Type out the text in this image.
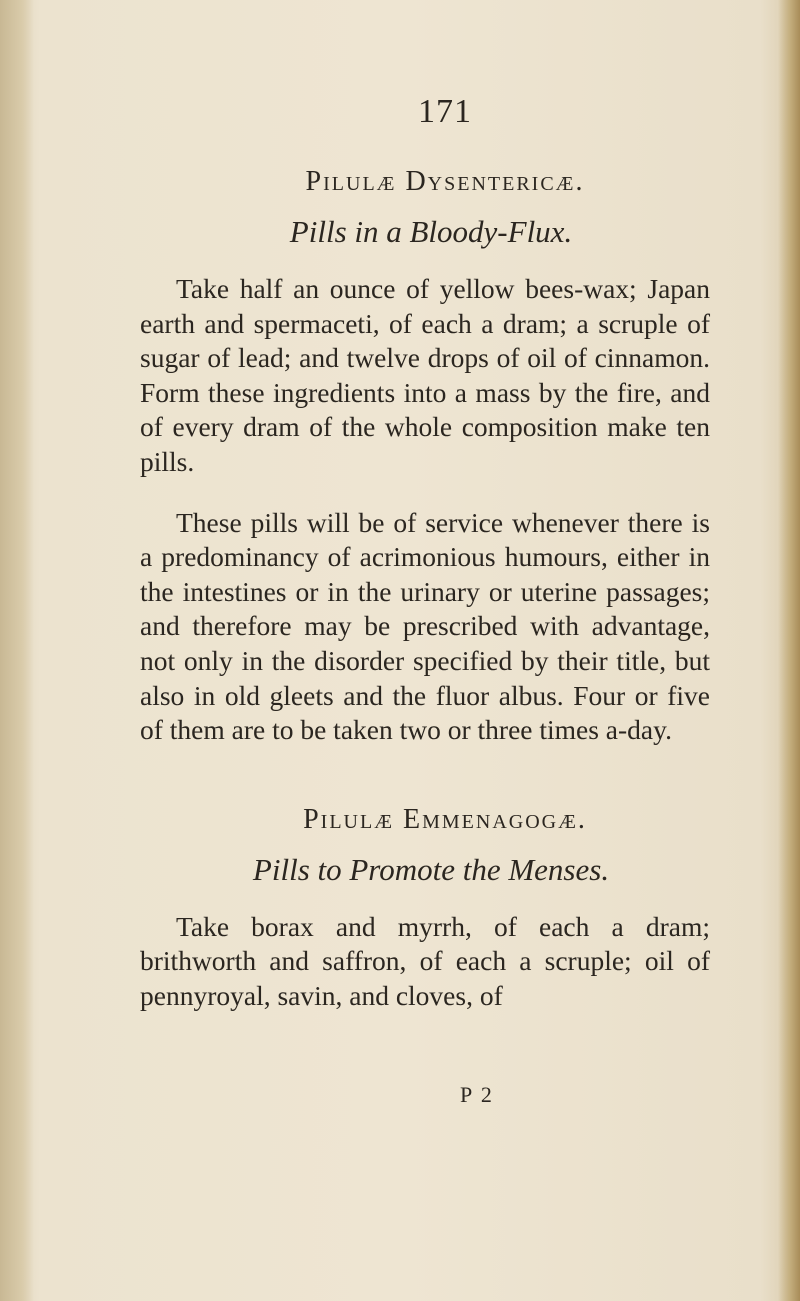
171
Pilulæ Dysentericæ.
Pills in a Bloody-Flux.

Take half an ounce of yellow bees-wax; Japan earth and spermaceti, of each a dram; a scruple of sugar of lead; and twelve drops of oil of cinnamon. Form these ingredients into a mass by the fire, and of every dram of the whole composition make ten pills.

These pills will be of service whenever there is a predominancy of acrimonious humours, either in the intestines or in the urinary or uterine passages; and therefore may be prescribed with advantage, not only in the disorder specified by their title, but also in old gleets and the fluor albus. Four or five of them are to be taken two or three times a-day.

Pilulæ Emmenagogæ.
Pills to Promote the Menses.

Take borax and myrrh, of each a dram; brithworth and saffron, of each a scruple; oil of pennyroyal, savin, and cloves, of

P 2
